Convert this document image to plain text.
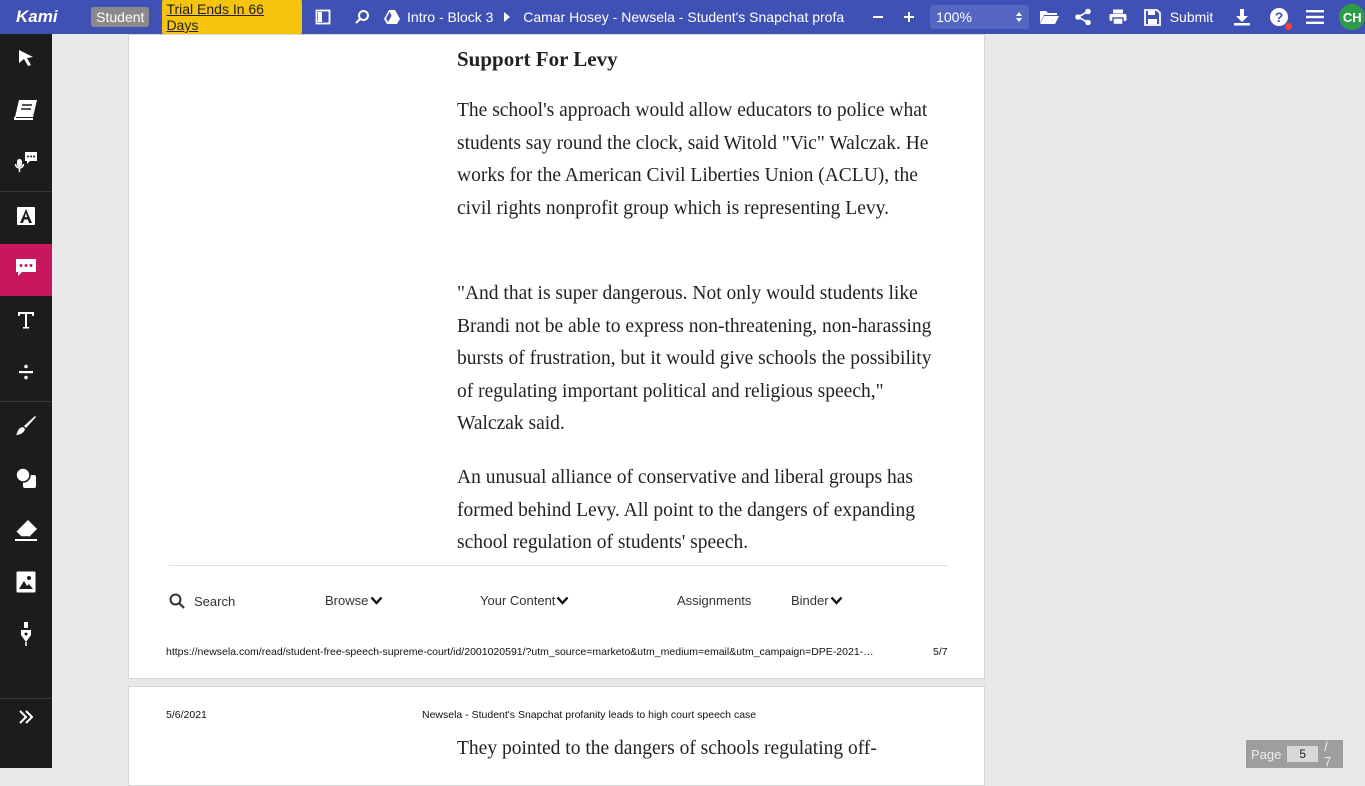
Kami	Student	Trial Ends In 66 Days	Intro - Block 3 Camar Hosey - Newsela - Student's Snapchat profa	100%	Submit	?	CH
Support For Levy
The school's approach would allow educators to police what students say round the clock, said Witold "Vic" Walczak. He works for the American Civil Liberties Union (ACLU), the civil rights nonprofit group which is representing Levy.
"And that is super dangerous. Not only would students like Brandi not be able to express non-threatening, non-harassing bursts of frustration, but it would give schools the possibility of regulating important political and religious speech," Walczak said.
An unusual alliance of conservative and liberal groups has formed behind Levy. All point to the dangers of expanding school regulation of students' speech.
Search	Browse	Your Content	Assignments	Binder
https://newsela.com/read/student-free-speech-supreme-court/id/2001020591/?utm_source=marketo&utm_medium=email&utm_campaign=DPE-2021-…	5/7
5/6/2021	Newsela - Student's Snapchat profanity leads to high court speech case
They pointed to the dangers of schools regulating off-	Page	5	/ 7
